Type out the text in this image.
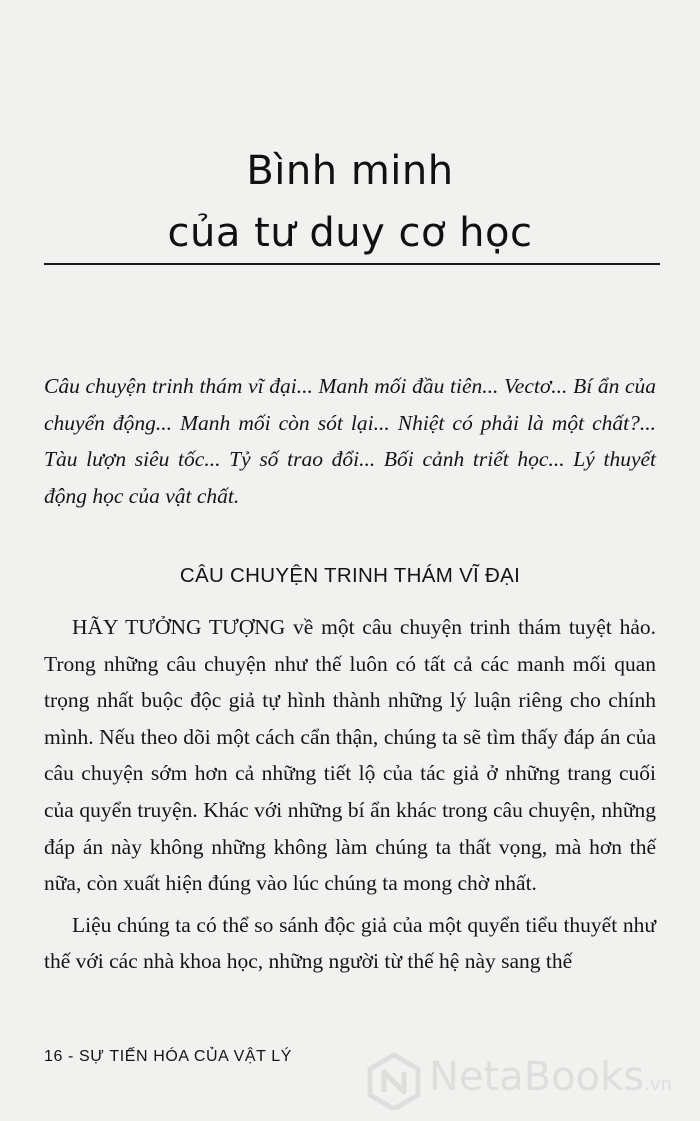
Bình minh
của tư duy cơ học
Câu chuyện trinh thám vĩ đại... Manh mối đầu tiên... Vectơ... Bí ẩn của chuyển động... Manh mối còn sót lại... Nhiệt có phải là một chất?... Tàu lượn siêu tốc... Tỷ số trao đổi... Bối cảnh triết học... Lý thuyết động học của vật chất.
CÂU CHUYỆN TRINH THÁM VĨ ĐẠI

HÃY TƯỞNG TƯỢNG về một câu chuyện trinh thám tuyệt hảo. Trong những câu chuyện như thế luôn có tất cả các manh mối quan trọng nhất buộc độc giả tự hình thành những lý luận riêng cho chính mình. Nếu theo dõi một cách cẩn thận, chúng ta sẽ tìm thấy đáp án của câu chuyện sớm hơn cả những tiết lộ của tác giả ở những trang cuối của quyển truyện. Khác với những bí ẩn khác trong câu chuyện, những đáp án này không những không làm chúng ta thất vọng, mà hơn thế nữa, còn xuất hiện đúng vào lúc chúng ta mong chờ nhất.

Liệu chúng ta có thể so sánh độc giả của một quyển tiểu thuyết như thế với các nhà khoa học, những người từ thế hệ này sang thế

16 - SỰ TIẾN HÓA CỦA VẬT LÝ	NetaBooks.vn
